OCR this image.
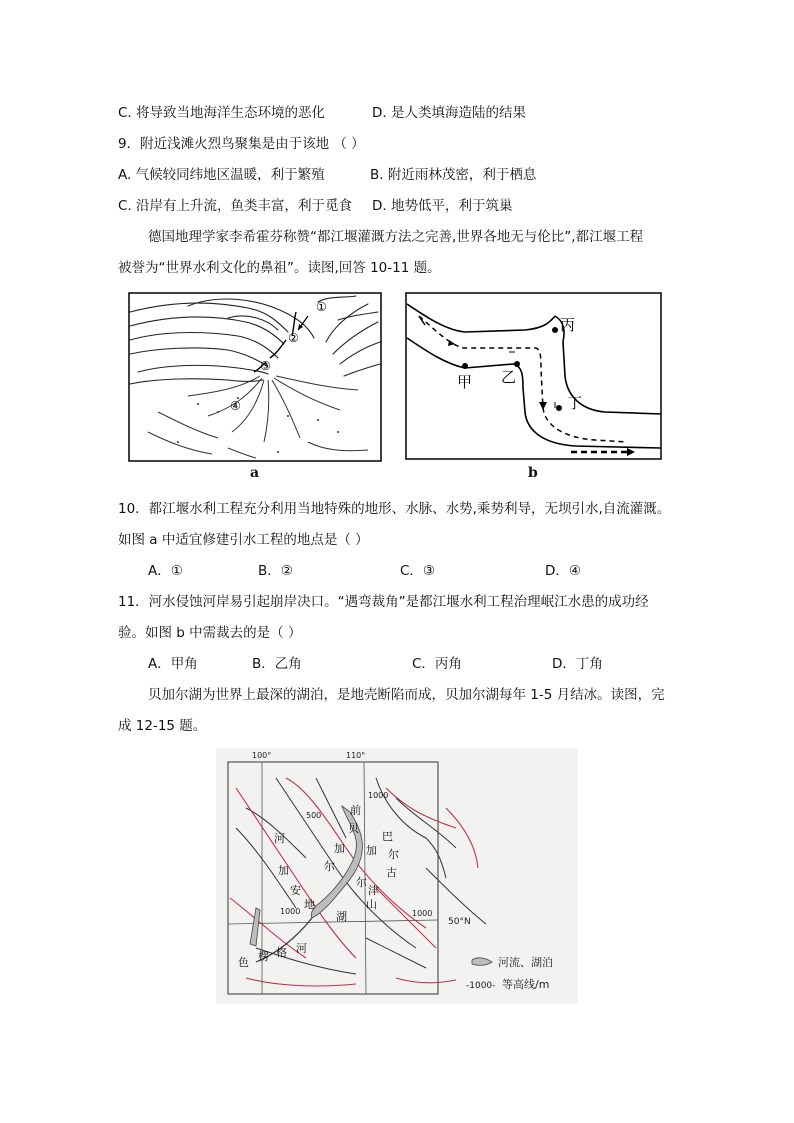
C. 将导致当地海洋生态环境的恶化	D. 是人类填海造陆的结果
9．附近浅滩火烈鸟聚集是由于该地 （ ）
A. 气候较同纬地区温暖，利于繁殖	B. 附近雨林茂密，利于栖息
C. 沿岸有上升流，鱼类丰富，利于觅食 D. 地势低平，利于筑巢
德国地理学家李希霍芬称赞“都江堰灌溉方法之完善,世界各地无与伦比”,都江堰工程
被誉为“世界水利文化的鼻祖”。读图,回答 10-11 题。
①
②
③
④
a
甲 乙
丙
丁
b
10．都江堰水利工程充分利用当地特殊的地形、水脉、水势,乘势利导，无坝引水,自流灌溉。
如图 a 中适宜修建引水工程的地点是（ ）
A．①	B．②	C．③	D．④
11．河水侵蚀河岸易引起崩岸决口。“遇弯裁角”是都江堰水利工程治理岷江水患的成功经
验。如图 b 中需裁去的是（ ）
A．甲角	B．乙角	C．丙角	D．丁角
贝加尔湖为世界上最深的湖泊，是地壳断陷而成，贝加尔湖每年 1-5 月结冰。读图，完
成 12-15 题。
100°	110°
50°N
500
1000
1000	1000
前
贝
加
尔
巴
尔
古
津
加
尔
湖
河
加
安
地	山
色 楞 格 河
河流、湖泊
-1000- 等高线/m
